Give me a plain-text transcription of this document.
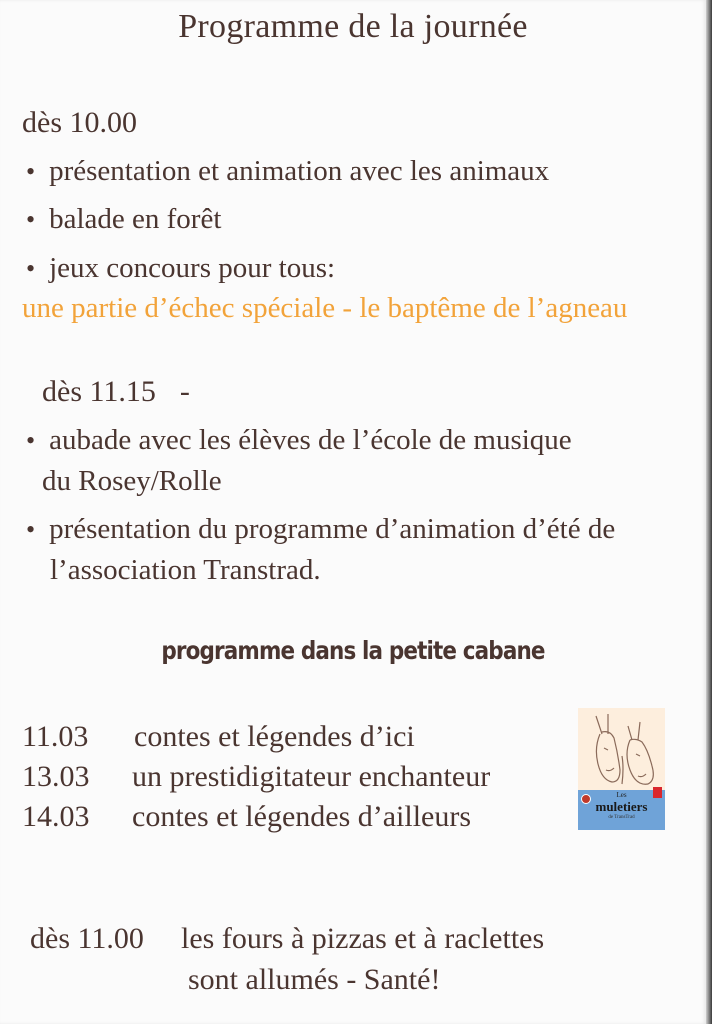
Programme de la journée
dès 10.00
• présentation et animation avec les animaux
• balade en forêt
• jeux concours pour tous:
une partie d’échec spéciale - le baptême de l’agneau
dès 11.15 -
• aubade avec les élèves de l’école de musique
du Rosey/Rolle
• présentation du programme d’animation d’été de
l’association Transtrad.
programme dans la petite cabane
11.03 contes et légendes d’ici
13.03 un prestidigitateur enchanteur
14.03 contes et légendes d’ailleurs
Les
muletiers
de TransTrad
dès 11.00 les fours à pizzas et à raclettes
sont allumés - Santé!
